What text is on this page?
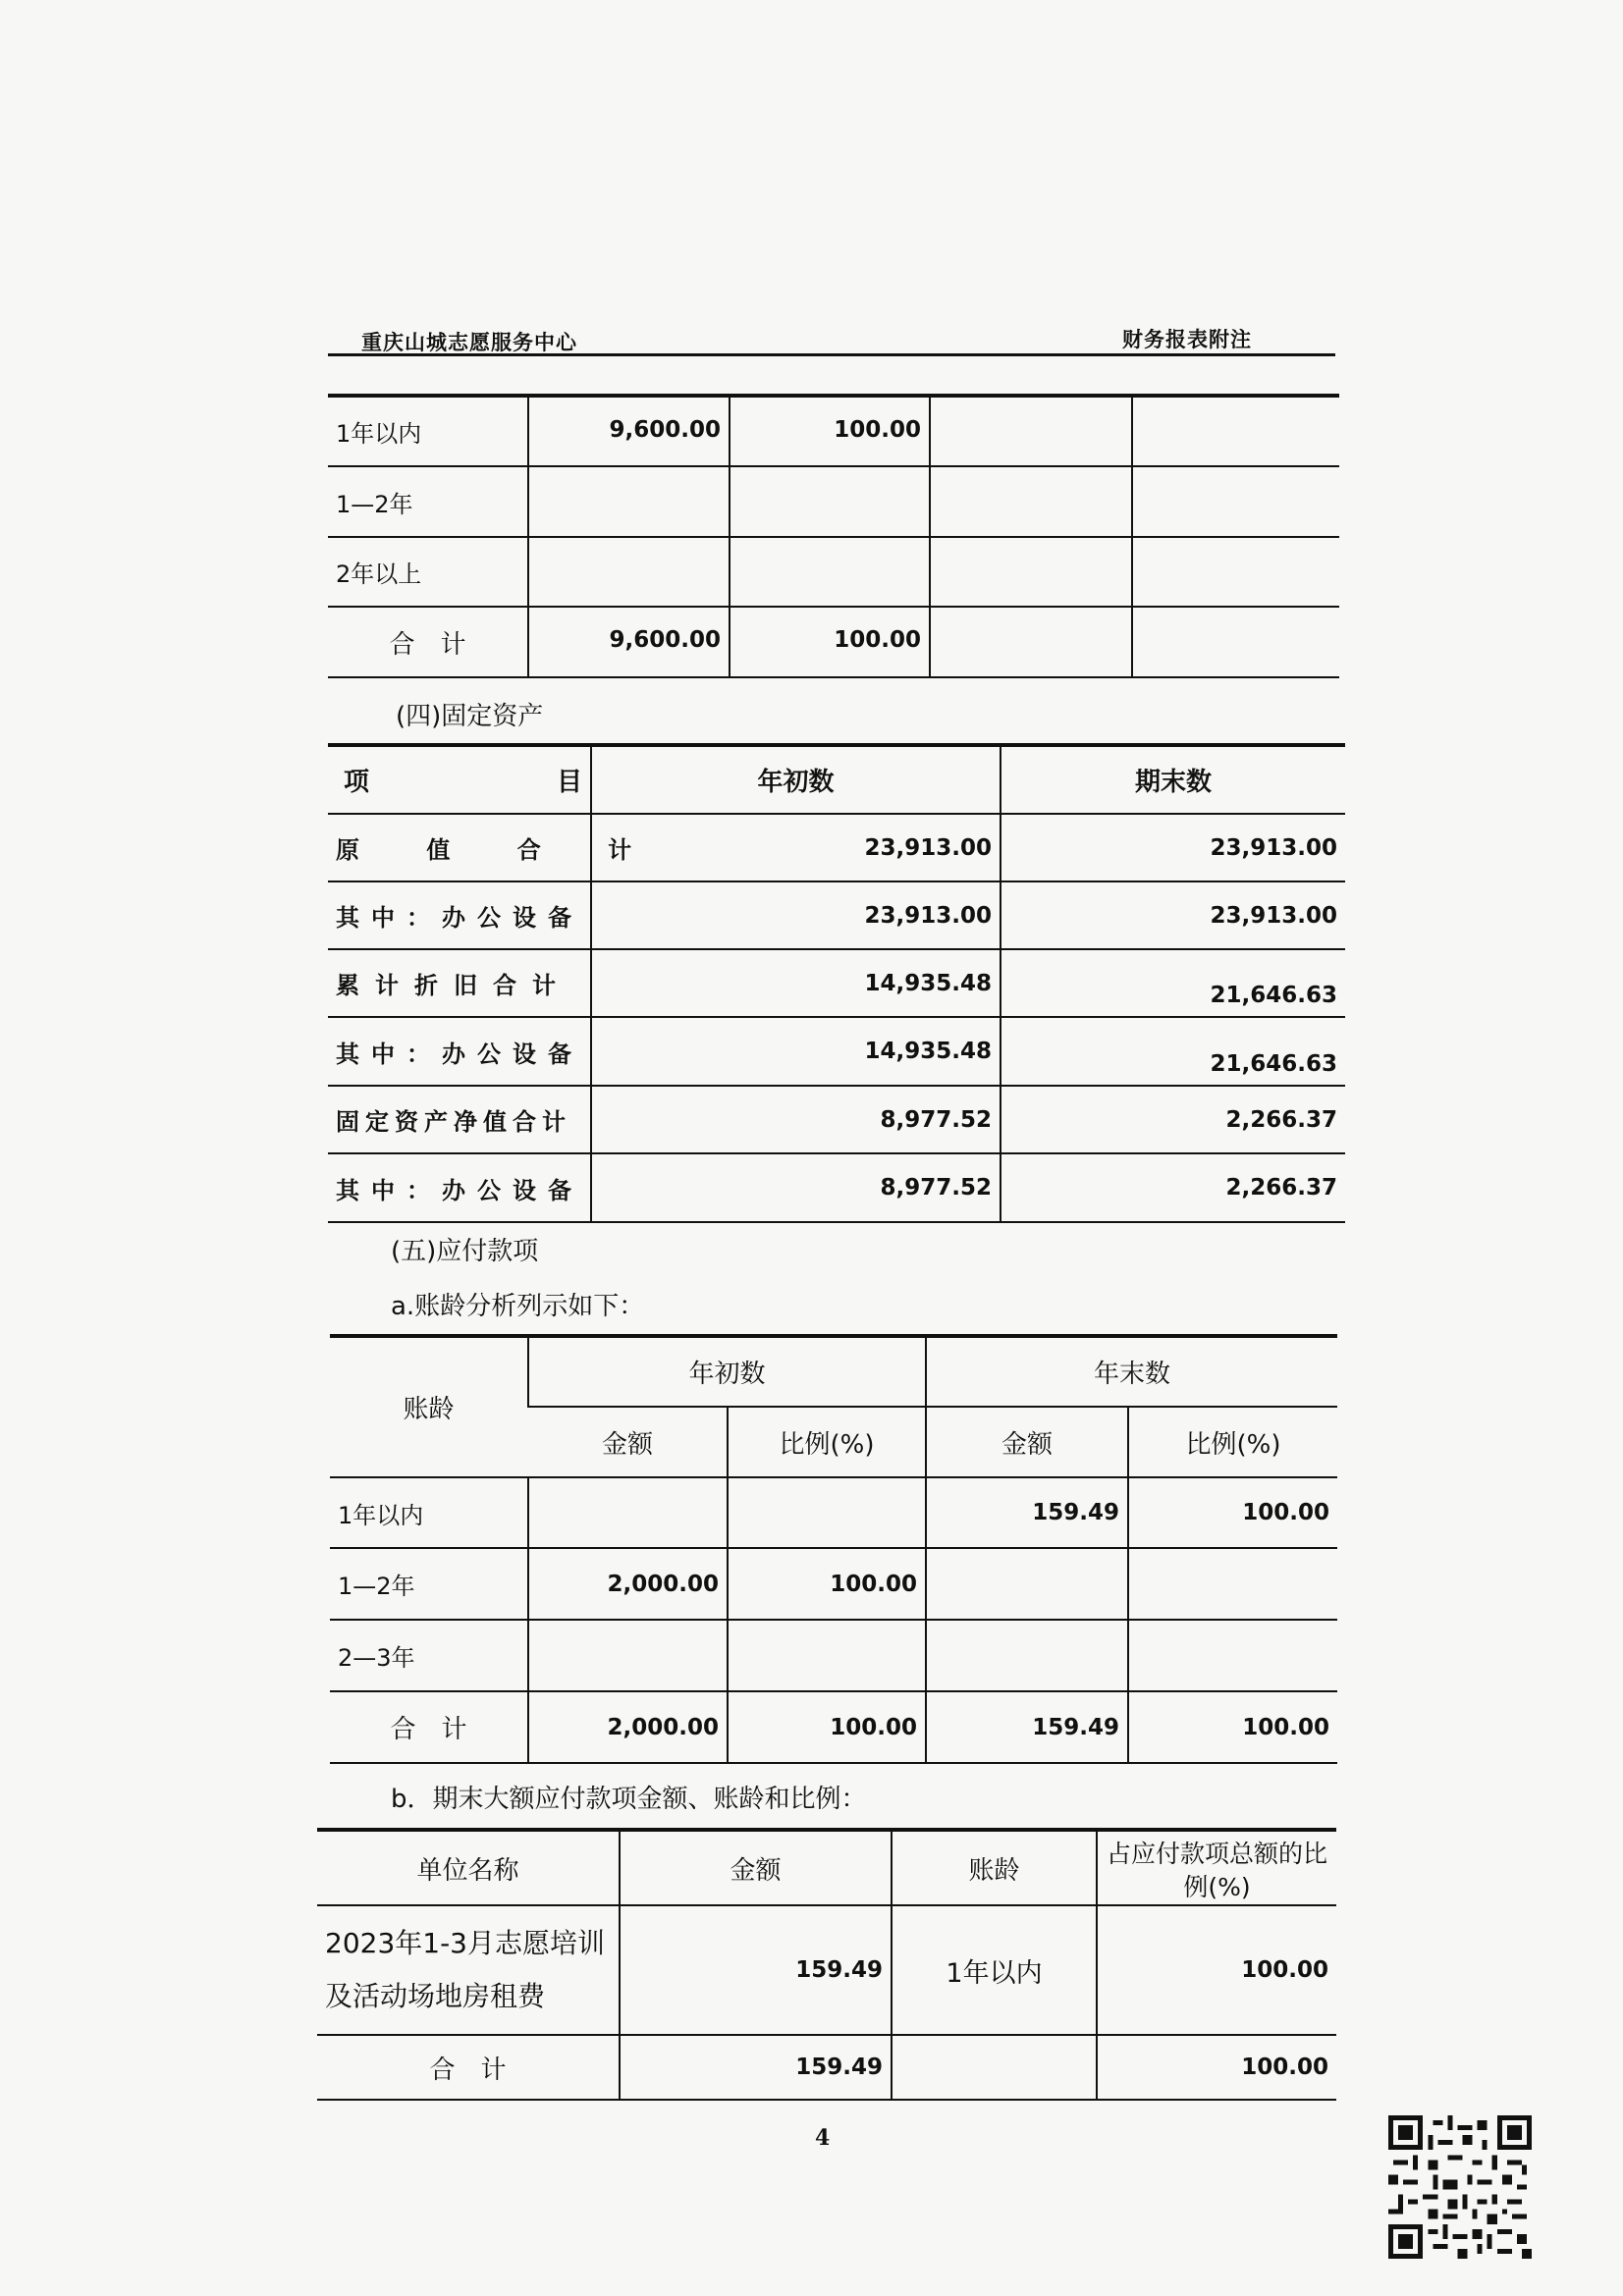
重庆山城志愿服务中心	财务报表附注
1年以内	9,600.00	100.00		
1—2年				
2年以上				
合　计	9,600.00	100.00		
(四)固定资产
项 目	年初数	期末数
原 值 合 计	23,913.00	23,913.00
其中：办公设备	23,913.00	23,913.00
累计折旧合计	14,935.48	21,646.63
其中：办公设备	14,935.48	21,646.63
固定资产净值合计	8,977.52	2,266.37
其中：办公设备	8,977.52	2,266.37
(五)应付款项
a.账龄分析列示如下：
账龄	年初数		年末数	
	金额	比例(%)	金额	比例(%)
1年以内			159.49	100.00
1—2年	2,000.00	100.00		
2—3年				
合　计	2,000.00	100.00	159.49	100.00
b．期末大额应付款项金额、账龄和比例：
单位名称	金额	账龄	占应付款项总额的比例(%)
2023年1-3月志愿培训及活动场地房租费	159.49	1年以内	100.00
合　计	159.49		100.00
4
